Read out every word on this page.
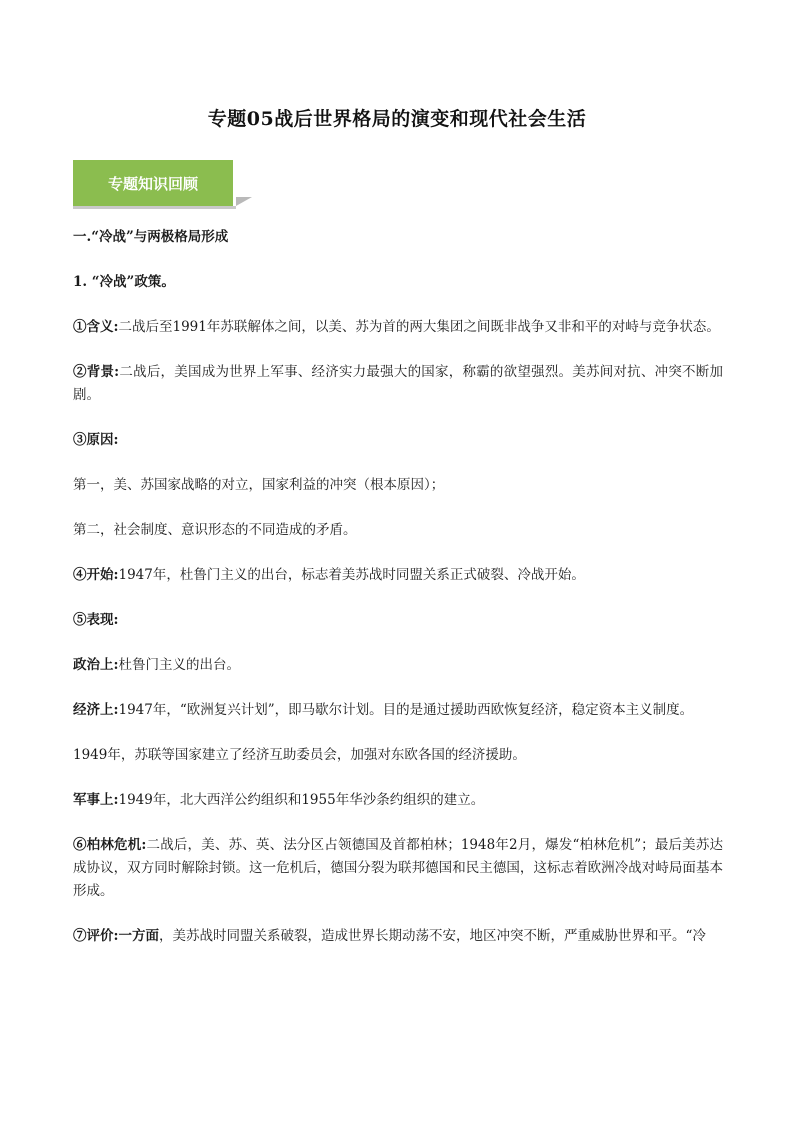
专题05战后世界格局的演变和现代社会生活
专题知识回顾

一.“冷战”与两极格局形成

1. “冷战”政策。

①含义:二战后至1991年苏联解体之间，以美、苏为首的两大集团之间既非战争又非和平的对峙与竞争状态。

②背景:二战后，美国成为世界上军事、经济实力最强大的国家，称霸的欲望强烈。美苏间对抗、冲突不断加剧。

③原因:

第一，美、苏国家战略的对立，国家利益的冲突（根本原因）；

第二，社会制度、意识形态的不同造成的矛盾。

④开始:1947年，杜鲁门主义的出台，标志着美苏战时同盟关系正式破裂、冷战开始。

⑤表现:

政治上:杜鲁门主义的出台。

经济上:1947年，“欧洲复兴计划”，即马歇尔计划。目的是通过援助西欧恢复经济，稳定资本主义制度。

1949年，苏联等国家建立了经济互助委员会，加强对东欧各国的经济援助。

军事上:1949年，北大西洋公约组织和1955年华沙条约组织的建立。

⑥柏林危机:二战后，美、苏、英、法分区占领德国及首都柏林；1948年2月，爆发“柏林危机”；最后美苏达成协议，双方同时解除封锁。这一危机后，德国分裂为联邦德国和民主德国，这标志着欧洲冷战对峙局面基本形成。

⑦评价:一方面，美苏战时同盟关系破裂，造成世界长期动荡不安，地区冲突不断，严重威胁世界和平。“冷
